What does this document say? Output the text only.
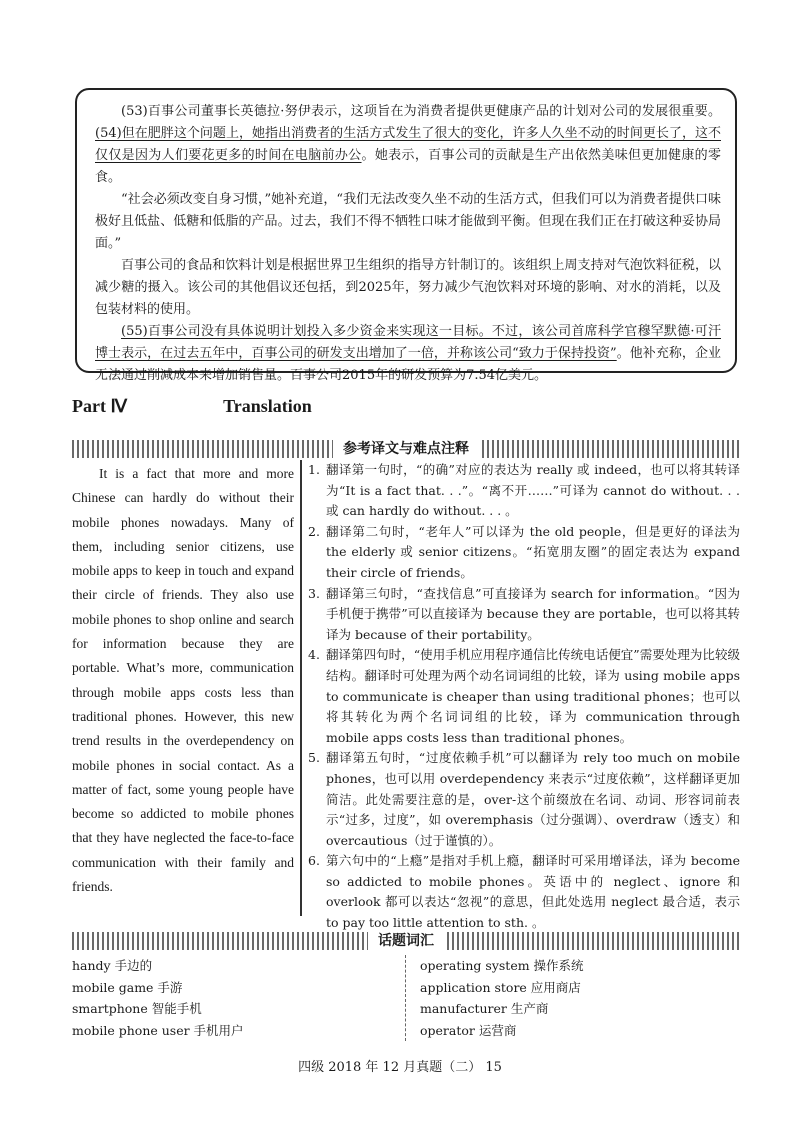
(53)百事公司董事长英德拉·努伊表示，这项旨在为消费者提供更健康产品的计划对公司的发展很重要。(54)但在肥胖这个问题上，她指出消费者的生活方式发生了很大的变化，许多人久坐不动的时间更长了，这不仅仅是因为人们要花更多的时间在电脑前办公。她表示，百事公司的贡献是生产出依然美味但更加健康的零食。

“社会必须改变自身习惯，”她补充道，“我们无法改变久坐不动的生活方式，但我们可以为消费者提供口味极好且低盐、低糖和低脂的产品。过去，我们不得不牺牲口味才能做到平衡。但现在我们正在打破这种妥协局面。”

百事公司的食品和饮料计划是根据世界卫生组织的指导方针制订的。该组织上周支持对气泡饮料征税，以减少糖的摄入。该公司的其他倡议还包括，到2025年，努力减少气泡饮料对环境的影响、对水的消耗，以及包装材料的使用。

(55)百事公司没有具体说明计划投入多少资金来实现这一目标。不过，该公司首席科学官穆罕默德·可汗博士表示，在过去五年中，百事公司的研发支出增加了一倍，并称该公司“致力于保持投资”。他补充称，企业无法通过削减成本来增加销售量。百事公司2015年的研发预算为7.54亿美元。

Part Ⅳ	Translation
参考译文与难点注释
It is a fact that more and more Chinese can hardly do without their mobile phones nowadays. Many of them, including senior citizens, use mobile apps to keep in touch and expand their circle of friends. They also use mobile phones to shop online and search for information because they are portable. What’s more, communication through mobile apps costs less than traditional phones. However, this new trend results in the overdependency on mobile phones in social contact. As a matter of fact, some young people have become so addicted to mobile phones that they have neglected the face-to-face communication with their family and friends.
1. 翻译第一句时，“的确”对应的表达为 really 或 indeed，也可以将其转译为“It is a fact that. . .”。“离不开……”可译为 cannot do without. . . 或 can hardly do without. . . 。
2. 翻译第二句时，“老年人”可以译为 the old people，但是更好的译法为 the elderly 或 senior citizens。“拓宽朋友圈”的固定表达为 expand their circle of friends。
3. 翻译第三句时，“查找信息”可直接译为 search for information。“因为手机便于携带”可以直接译为 because they are portable，也可以将其转译为 because of their portability。
4. 翻译第四句时，“使用手机应用程序通信比传统电话便宜”需要处理为比较级结构。翻译时可处理为两个动名词词组的比较，译为 using mobile apps to communicate is cheaper than using traditional phones；也可以将其转化为两个名词词组的比较，译为 communication through mobile apps costs less than traditional phones。
5. 翻译第五句时，“过度依赖手机”可以翻译为 rely too much on mobile phones，也可以用 overdependency 来表示“过度依赖”，这样翻译更加简洁。此处需要注意的是，over-这个前缀放在名词、动词、形容词前表示“过多，过度”，如 overemphasis（过分强调）、overdraw（透支）和 overcautious（过于谨慎的）。
6. 第六句中的“上瘾”是指对手机上瘾，翻译时可采用增译法，译为 become so addicted to mobile phones。英语中的 neglect、ignore 和 overlook 都可以表达“忽视”的意思，但此处选用 neglect 最合适，表示 to pay too little attention to sth. 。
话题词汇
handy 手边的
mobile game 手游
smartphone 智能手机
mobile phone user 手机用户
operating system 操作系统
application store 应用商店
manufacturer 生产商
operator 运营商
四级 2018 年 12 月真题（二） 15
